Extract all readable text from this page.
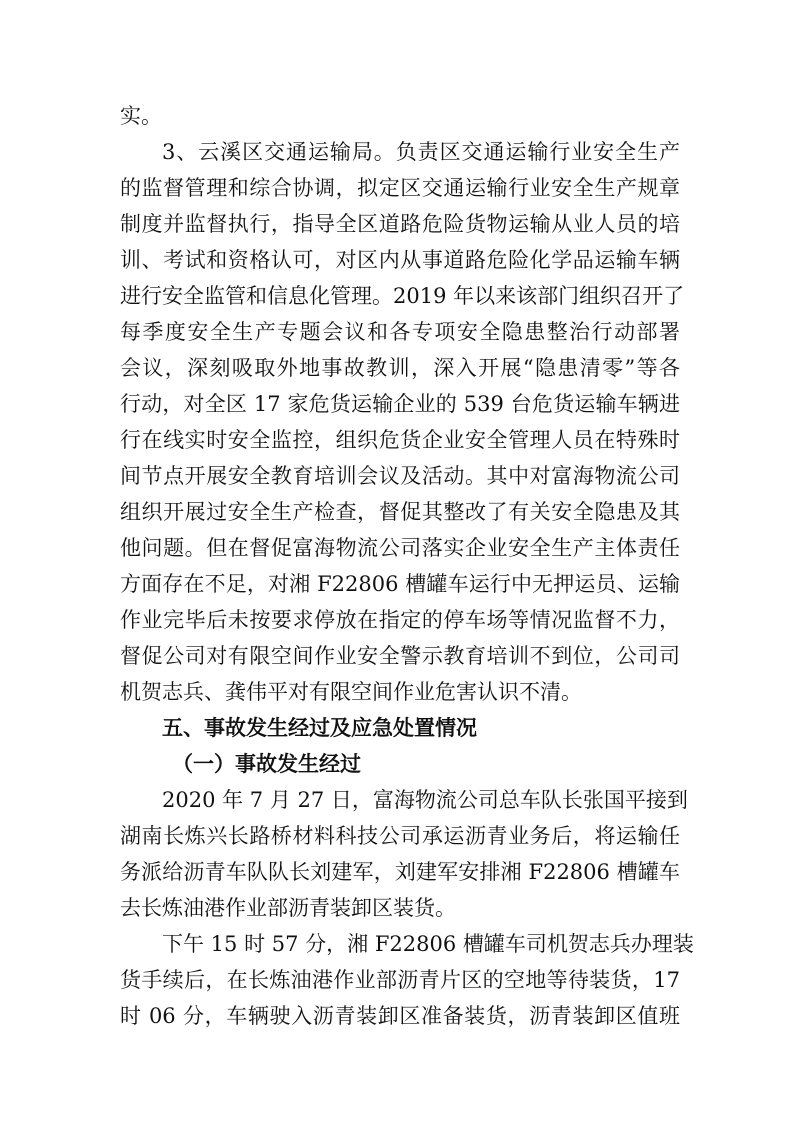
实。
3、云溪区交通运输局。负责区交通运输行业安全生产
的监督管理和综合协调，拟定区交通运输行业安全生产规章
制度并监督执行，指导全区道路危险货物运输从业人员的培
训、考试和资格认可，对区内从事道路危险化学品运输车辆
进行安全监管和信息化管理。2019 年以来该部门组织召开了
每季度安全生产专题会议和各专项安全隐患整治行动部署
会议，深刻吸取外地事故教训，深入开展“隐患清零”等各
行动，对全区 17 家危货运输企业的 539 台危货运输车辆进
行在线实时安全监控，组织危货企业安全管理人员在特殊时
间节点开展安全教育培训会议及活动。其中对富海物流公司
组织开展过安全生产检查，督促其整改了有关安全隐患及其
他问题。但在督促富海物流公司落实企业安全生产主体责任
方面存在不足，对湘 F22806 槽罐车运行中无押运员、运输
作业完毕后未按要求停放在指定的停车场等情况监督不力，
督促公司对有限空间作业安全警示教育培训不到位，公司司
机贺志兵、龚伟平对有限空间作业危害认识不清。
五、事故发生经过及应急处置情况
（一）事故发生经过
2020 年 7 月 27 日，富海物流公司总车队长张国平接到
湖南长炼兴长路桥材料科技公司承运沥青业务后，将运输任
务派给沥青车队队长刘建军，刘建军安排湘 F22806 槽罐车
去长炼油港作业部沥青装卸区装货。
下午 15 时 57 分，湘 F22806 槽罐车司机贺志兵办理装
货手续后，在长炼油港作业部沥青片区的空地等待装货，17
时 06 分，车辆驶入沥青装卸区准备装货，沥青装卸区值班
